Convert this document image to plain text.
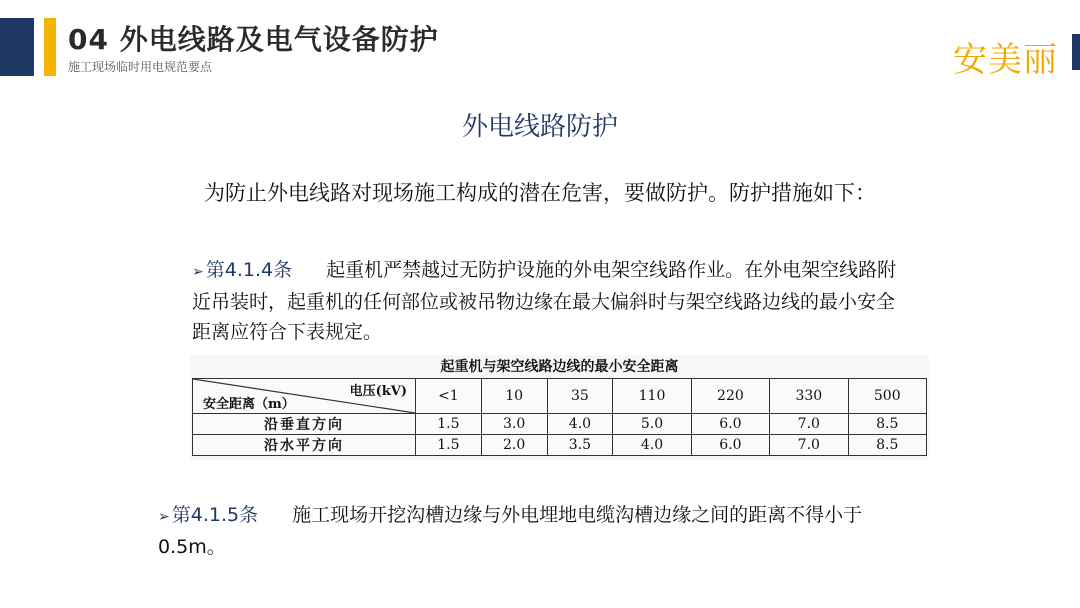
04 外电线路及电气设备防护
施工现场临时用电规范要点	安美丽
外电线路防护
为防止外电线路对现场施工构成的潜在危害，要做防护。防护措施如下：
➢ 第4.1.4条 起重机严禁越过无防护设施的外电架空线路作业。在外电架空线路附近吊装时，起重机的任何部位或被吊物边缘在最大偏斜时与架空线路边线的最小安全距离应符合下表规定。
起重机与架空线路边线的最小安全距离
电压(kV)
安全距离（m）	<1	10	35	110	220	330	500
沿垂直方向	1.5	3.0	4.0	5.0	6.0	7.0	8.5
沿水平方向	1.5	2.0	3.5	4.0	6.0	7.0	8.5
➢ 第4.1.5条 施工现场开挖沟槽边缘与外电埋地电缆沟槽边缘之间的距离不得小于0.5m。
